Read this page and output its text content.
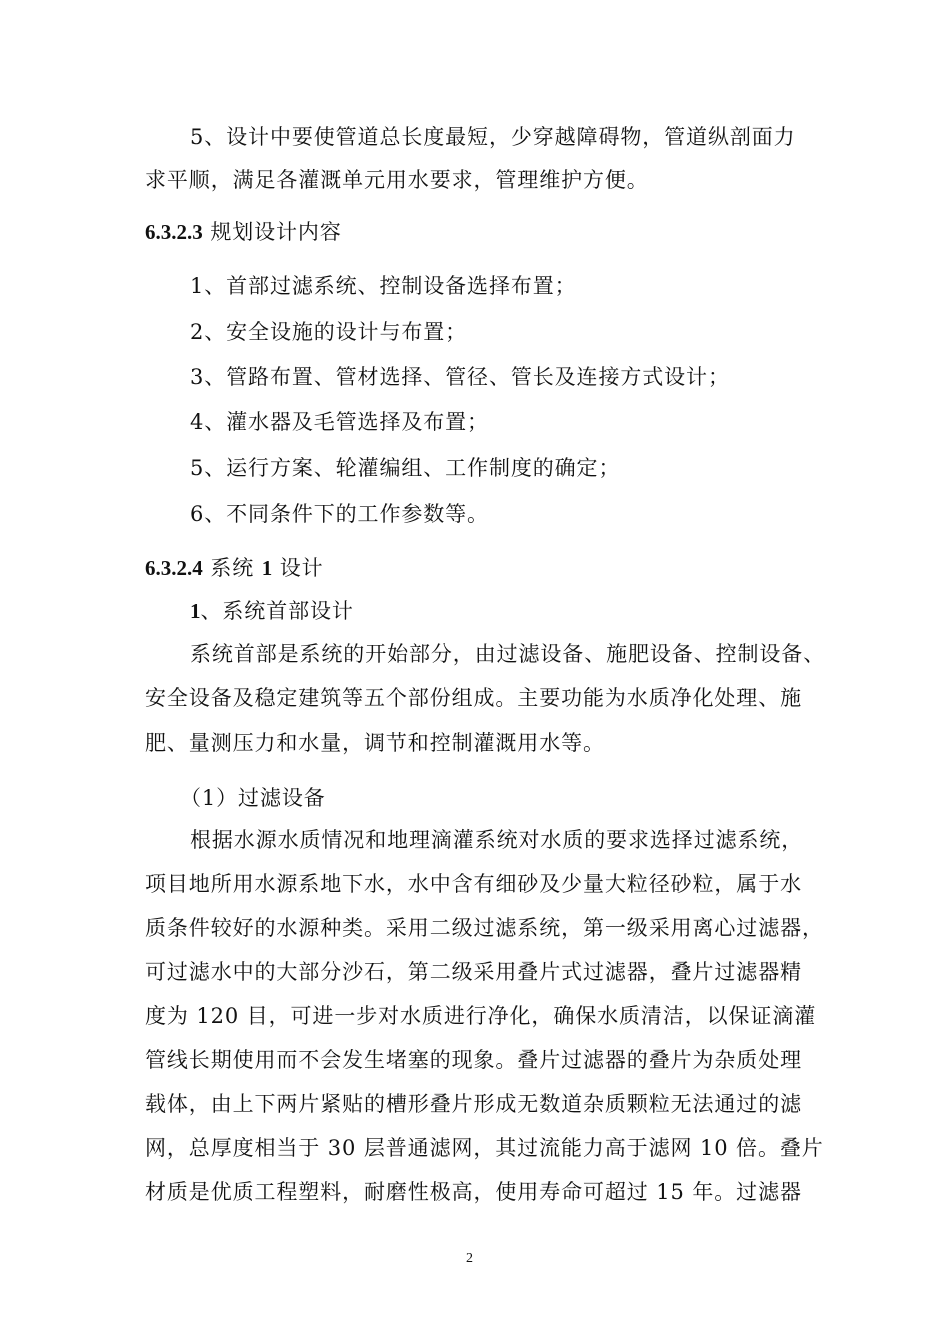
5、设计中要使管道总长度最短，少穿越障碍物，管道纵剖面力
求平顺，满足各灌溉单元用水要求，管理维护方便。
6.3.2.3 规划设计内容
1、首部过滤系统、控制设备选择布置；
2、安全设施的设计与布置；
3、管路布置、管材选择、管径、管长及连接方式设计；
4、灌水器及毛管选择及布置；
5、运行方案、轮灌编组、工作制度的确定；
6、不同条件下的工作参数等。
6.3.2.4 系统 1 设计
1、系统首部设计
系统首部是系统的开始部分，由过滤设备、施肥设备、控制设备、
安全设备及稳定建筑等五个部份组成。主要功能为水质净化处理、施
肥、量测压力和水量，调节和控制灌溉用水等。
（1）过滤设备
根据水源水质情况和地理滴灌系统对水质的要求选择过滤系统，
项目地所用水源系地下水，水中含有细砂及少量大粒径砂粒，属于水
质条件较好的水源种类。采用二级过滤系统，第一级采用离心过滤器，
可过滤水中的大部分沙石，第二级采用叠片式过滤器，叠片过滤器精
度为 120 目，可进一步对水质进行净化，确保水质清洁，以保证滴灌
管线长期使用而不会发生堵塞的现象。叠片过滤器的叠片为杂质处理
载体，由上下两片紧贴的槽形叠片形成无数道杂质颗粒无法通过的滤
网，总厚度相当于 30 层普通滤网，其过流能力高于滤网 10 倍。叠片
材质是优质工程塑料，耐磨性极高，使用寿命可超过 15 年。过滤器
2
